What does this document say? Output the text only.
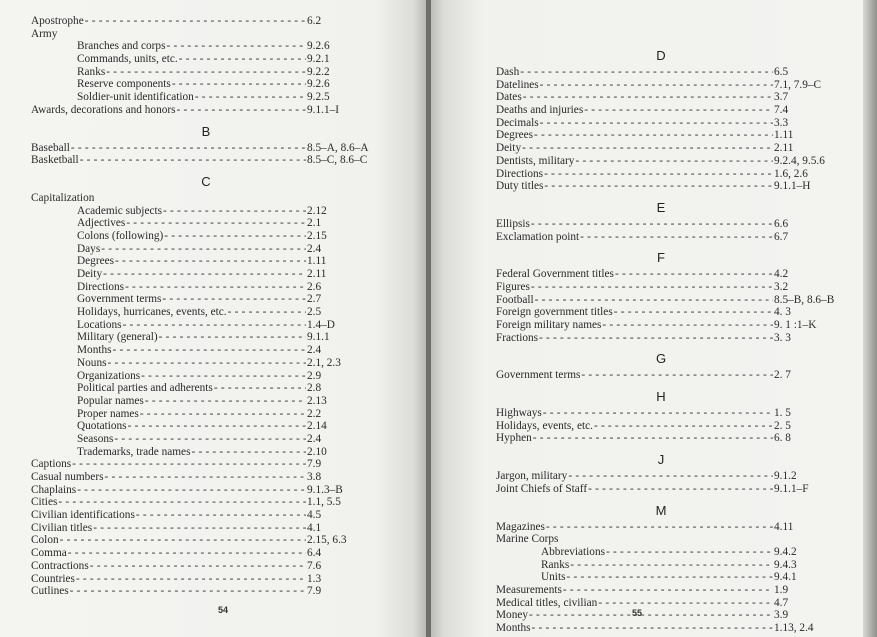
Apostrophe - - -	6.2
Army
Branches and corps - - -	9.2.6
Commands, units, etc. - - -	9.2.1
Ranks - - -	9.2.2
Reserve components - - -	9.2.6
Soldier-unit identification - - -	9.2.5
Awards, decorations and honors - - -	9.1.1–I
B
Baseball - - -	8.5–A, 8.6–A
Basketball - - -	8.5–C, 8.6–C
C
Capitalization
Academic subjects - - -	2.12
Adjectives - - -	2.1
Colons (following) - - -	2.15
Days - - -	2.4
Degrees - - -	1.11
Deity - - -	2.11
Directions - - -	2.6
Government terms - - -	2.7
Holidays, hurricanes, events, etc. - - -	2.5
Locations - - -	1.4–D
Military (general) - - -	9.1.1
Months - - -	2.4
Nouns - - -	2.1, 2.3
Organizations - - -	2.9
Political parties and adherents - - -	2.8
Popular names - - -	2.13
Proper names - - -	2.2
Quotations - - -	2.14
Seasons - - -	2.4
Trademarks, trade names - - -	2.10
Captions - - -	7.9
Casual numbers - - -	3.8
Chaplains - - -	9.1.3–B
Cities - - -	1.1, 5.5
Civilian identifications - - -	4.5
Civilian titles - - -	4.1
Colon - - -	2.15, 6.3
Comma - - -	6.4
Contractions - - -	7.6
Countries - - -	1.3
Cutlines - - -	7.9
54
D
Dash - - -	6.5
Datelines - - -	7.1, 7.9–C
Dates - - -	3.7
Deaths and injuries - - -	7.4
Decimals - - -	3.3
Degrees - - -	1.11
Deity - - -	2.11
Dentists, military - - -	9.2.4, 9.5.6
Directions - - -	1.6, 2.6
Duty titles - - -	9.1.1–H
E
Ellipsis - - -	6.6
Exclamation point - - -	6.7
F
Federal Government titles - - -	4.2
Figures - - -	3.2
Football - - -	8.5–B, 8.6–B
Foreign government titles - - -	4. 3
Foreign military names - - -	9. 1 :1–K
Fractions - - -	3. 3
G
Government terms - - -	2. 7
H
Highways - - -	1. 5
Holidays, events, etc. - - -	2. 5
Hyphen - - -	6. 8
J
Jargon, military - - -	9.1.2
Joint Chiefs of Staff - - -	9.1.1–F
M
Magazines - - -	4.11
Marine Corps
Abbreviations - - -	9.4.2
Ranks - - -	9.4.3
Units - - -	9.4.1
Measurements - - -	1.9
Medical titles, civilian - - -	4.7
Money - - -	3.9
Months - - -	1.13, 2.4
55
